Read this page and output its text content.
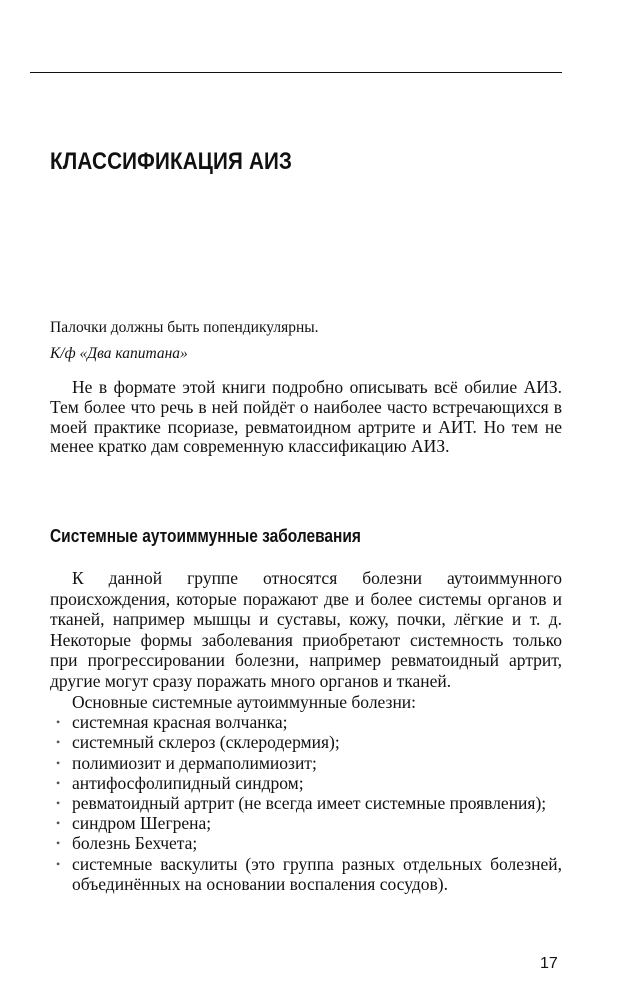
КЛАССИФИКАЦИЯ АИЗ

Палочки должны быть попендикулярны.

К/ф «Два капитана»

Не в формате этой книги подробно описывать всё обилие АИЗ. Тем более что речь в ней пойдёт о наиболее часто встречающихся в моей практике псориазе, ревматоидном артрите и АИТ. Но тем не менее кратко дам современную классификацию АИЗ.

Системные аутоиммунные заболевания

К данной группе относятся болезни аутоиммунного происхождения, которые поражают две и более системы органов и тканей, например мышцы и суставы, кожу, почки, лёгкие и т. д. Некоторые формы заболевания приобретают системность только при прогрессировании болезни, например ревматоидный артрит, другие могут сразу поражать много органов и тканей.

Основные системные аутоиммунные болезни:

• системная красная волчанка;
• системный склероз (склеродермия);
• полимиозит и дермаполимиозит;
• антифосфолипидный синдром;
• ревматоидный артрит (не всегда имеет системные проявления);
• синдром Шегрена;
• болезнь Бехчета;
• системные васкулиты (это группа разных отдельных болезней, объединённых на основании воспаления сосудов).
17
